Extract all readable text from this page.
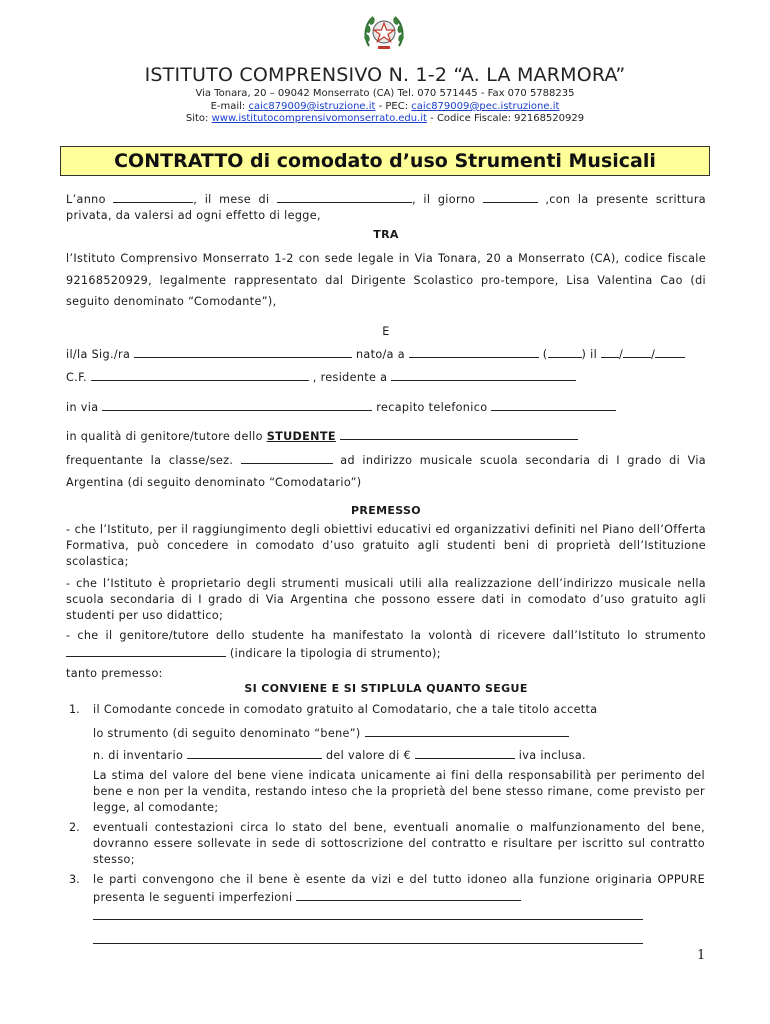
ISTITUTO COMPRENSIVO N. 1-2 “A. LA MARMORA”
Via Tonara, 20 – 09042 Monserrato (CA) Tel. 070 571445 - Fax 070 5788235
E-mail: caic879009@istruzione.it - PEC: caic879009@pec.istruzione.it
Sito: www.istitutocomprensivomonserrato.edu.it - Codice Fiscale: 92168520929
CONTRATTO di comodato d’uso Strumenti Musicali
L’anno	, il mese di	, il giorno	,con la presente scrittura privata, da valersi ad ogni effetto di legge,
TRA
l’Istituto Comprensivo Monserrato 1-2 con sede legale in Via Tonara, 20 a Monserrato (CA), codice fiscale 92168520929, legalmente rappresentato dal Dirigente Scolastico pro-tempore, Lisa Valentina Cao (di seguito denominato “Comodante”),
E
il/la Sig./ra	nato/a a	(	) il /	/
C.F.	, residente a
in via	recapito telefonico
in qualità di genitore/tutore dello STUDENTE
frequentante la classe/sez.	ad indirizzo musicale scuola secondaria di I grado di Via Argentina (di seguito denominato “Comodatario”)
PREMESSO
- che l’Istituto, per il raggiungimento degli obiettivi educativi ed organizzativi definiti nel Piano dell’Offerta Formativa, può concedere in comodato d’uso gratuito agli studenti beni di proprietà dell’Istituzione scolastica;
- che l’Istituto è proprietario degli strumenti musicali utili alla realizzazione dell’indirizzo musicale nella scuola secondaria di I grado di Via Argentina che possono essere dati in comodato d’uso gratuito agli studenti per uso didattico;
- che il genitore/tutore dello studente ha manifestato la volontà di ricevere dall’Istituto lo strumento  (indicare la tipologia di strumento);
tanto premesso:
SI CONVIENE E SI STIPLULA QUANTO SEGUE
1. il Comodante concede in comodato gratuito al Comodatario, che a tale titolo accetta
lo strumento (di seguito denominato “bene”)
n. di inventario	del valore di €	iva inclusa.
La stima del valore del bene viene indicata unicamente ai fini della responsabilità per perimento del bene e non per la vendita, restando inteso che la proprietà del bene stesso rimane, come previsto per legge, al comodante;
2. eventuali contestazioni circa lo stato del bene, eventuali anomalie o malfunzionamento del bene, dovranno essere sollevate in sede di sottoscrizione del contratto e risultare per iscritto sul contratto stesso;
3. le parti convengono che il bene è esente da vizi e del tutto idoneo alla funzione originaria OPPURE presenta le seguenti imperfezioni
1
